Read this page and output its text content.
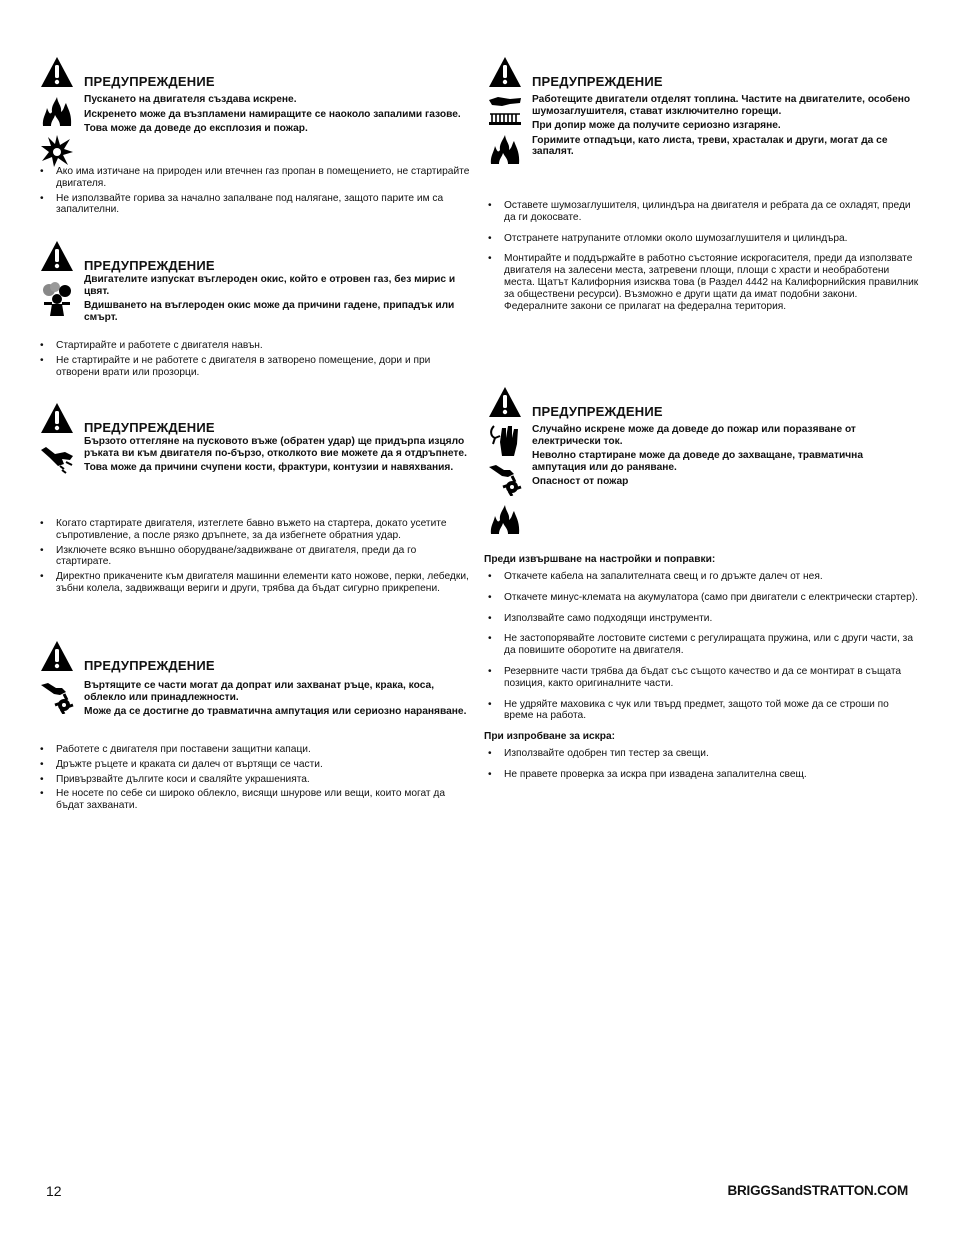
ПРЕДУПРЕЖДЕНИЕ

Пускането на двигателя създава искрене.

Искренето може да възпламени намиращите се наоколо запалими газове.

Това може да доведе до експлозия и пожар.

• Ако има изтичане на природен или втечнен газ пропан в помещението, не стартирайте двигателя.
• Не използвайте горива за начално запалване под налягане, защото парите им са запалителни.
ПРЕДУПРЕЖДЕНИЕ

Двигателите изпускат въглероден окис, който е отровен газ, без мирис и цвят.

Вдишването на въглероден окис може да причини гадене, припадък или смърт.

• Стартирайте и работете с двигателя навън.
• Не стартирайте и не работете с двигателя в затворено помещение, дори и при отворени врати или прозорци.
ПРЕДУПРЕЖДЕНИЕ

Бързото оттегляне на пусковото въже (обратен удар) ще придърпа изцяло ръката ви към двигателя по-бързо, отколкото вие можете да я отдръпнете.

Това може да причини счупени кости, фрактури, контузии и навяхвания.

• Когато стартирате двигателя, изтеглете бавно въжето на стартера, докато усетите съпротивление, а после рязко дръпнете, за да избегнете обратния удар.
• Изключете всяко външно оборудване/задвижване от двигателя, преди да го стартирате.
• Директно прикачените към двигателя машинни елементи като ножове, перки, лебедки, зъбни колела, задвижващи вериги и други, трябва да бъдат сигурно прикрепени.
ПРЕДУПРЕЖДЕНИЕ

Въртящите се части могат да допрат или захванат ръце, крака, коса, облекло или принадлежности.

Може да се достигне до травматична ампутация или сериозно нараняване.

• Работете с двигателя при поставени защитни капаци.
• Дръжте ръцете и краката си далеч от въртящи се части.
• Привързвайте дългите коси и сваляйте украшенията.
• Не носете по себе си широко облекло, висящи шнурове или вещи, които могат да бъдат захванати.
ПРЕДУПРЕЖДЕНИЕ

Работещите двигатели отделят топлина. Частите на двигателите, особено шумозаглушителя, стават изключително горещи.

При допир може да получите сериозно изгаряне.

Горимите отпадъци, като листа, треви, храсталак и други, могат да се запалят.

• Оставете шумозаглушителя, цилиндъра на двигателя и ребрата да се охладят, преди да ги докосвате.
• Отстранете натрупаните отломки около шумозаглушителя и цилиндъра.
• Монтирайте и поддържайте в работно състояние искрогасителя, преди да използвате двигателя на залесени места, затревени площи, площи с храсти и необработени места. Щатът Калифорния изисква това (в Раздел 4442 на Калифорнийския правилник за обществени ресурси). Възможно е други щати да имат подобни закони. Федералните закони се прилагат на федерална територия.
ПРЕДУПРЕЖДЕНИЕ

Случайно искрене може да доведе до пожар или поразяване от електрически ток.

Неволно стартиране може да доведе до захващане, травматична ампутация или до раняване.

Опасност от пожар

Преди извършване на настройки и поправки:
• Откачете кабела на запалителната свещ и го дръжте далеч от нея.
• Откачете минус-клемата на акумулатора (само при двигатели с електрически стартер).
• Използвайте само подходящи инструменти.
• Не застопорявайте лостовите системи с регулиращата пружина, или с други части, за да повишите оборотите на двигателя.
• Резервните части трябва да бъдат със същото качество и да се монтират в същата позиция, както оригиналните части.
• Не удряйте маховика с чук или твърд предмет, защото той може да се строши по време на работа.
При изпробване за искра:
• Използвайте одобрен тип тестер за свещи.
• Не правете проверка за искра при извадена запалителна свещ.
12	BRIGGSandSTRATTON.COM
